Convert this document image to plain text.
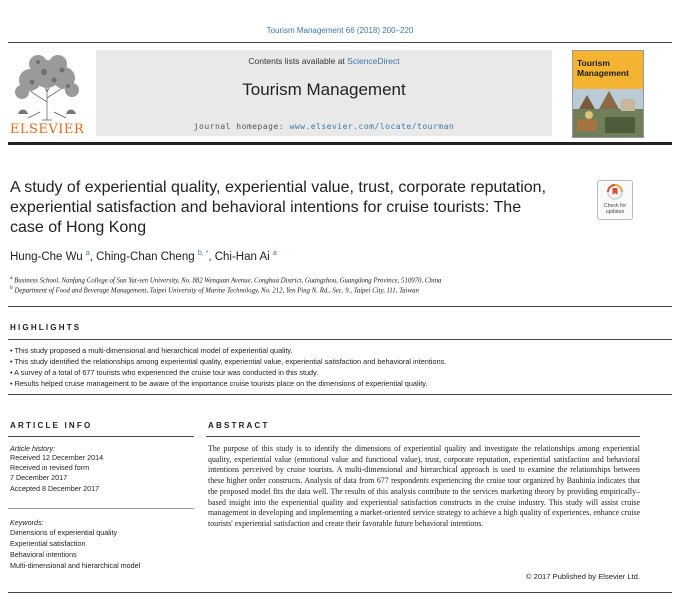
Tourism Management 66 (2018) 200–220
ELSEVIER
Contents lists available at ScienceDirect
Tourism Management
journal homepage: www.elsevier.com/locate/tourman
Tourism
Management
A study of experiential quality, experiential value, trust, corporate reputation, experiential satisfaction and behavioral intentions for cruise tourists: The case of Hong Kong
Check for
updates
Hung-Che Wu $^a$, Ching-Chan Cheng $^{b, *}$, Chi-Han Ai $^a$
$^a$ Business School, Nanfang College of Sun Yat-sen University, No. 882 Wenquan Avenue, Conghua District, Guangzhou, Guangdong Province, 510970, China
$^b$ Department of Food and Beverage Management, Taipei University of Marine Technology, No. 212, Yen Ping N. Rd., Sec. 9., Taipei City, 111, Taiwan
HIGHLIGHTS
• This study proposed a multi-dimensional and hierarchical model of experiential quality.
• This study identified the relationships among experiential quality, experiential value, experiential satisfaction and behavioral intentions.
• A survey of a total of 677 tourists who experienced the cruise tour was conducted in this study.
• Results helped cruise management to be aware of the importance cruise tourists place on the dimensions of experiential quality.
ARTICLE INFO
Article history:
Received 12 December 2014
Received in revised form
7 December 2017
Accepted 8 December 2017
Keywords:
Dimensions of experiential quality
Experiential satisfaction
Behavioral intentions
Multi-dimensional and hierarchical model
ABSTRACT
The purpose of this study is to identify the dimensions of experiential quality and investigate the relationships among experiential quality, experiential value (emotional value and functional value), trust, corporate reputation, experiential satisfaction and behavioral intentions perceived by cruise tourists. A multi-dimensional and hierarchical approach is used to examine the relationships between these higher order constructs. Analysis of data from 677 respondents experiencing the cruise tour organized by Bauhinia indicates that the proposed model fits the data well. The results of this analysis contribute to the services marketing theory by providing empirically–based insight into the experiential quality and experiential satisfaction constructs in the cruise industry. This study will assist cruise management in developing and implementing a market-oriented service strategy to achieve a high quality of experiences, enhance cruise tourists' experiential satisfaction and create their favorable future behavioral intentions.
© 2017 Published by Elsevier Ltd.
